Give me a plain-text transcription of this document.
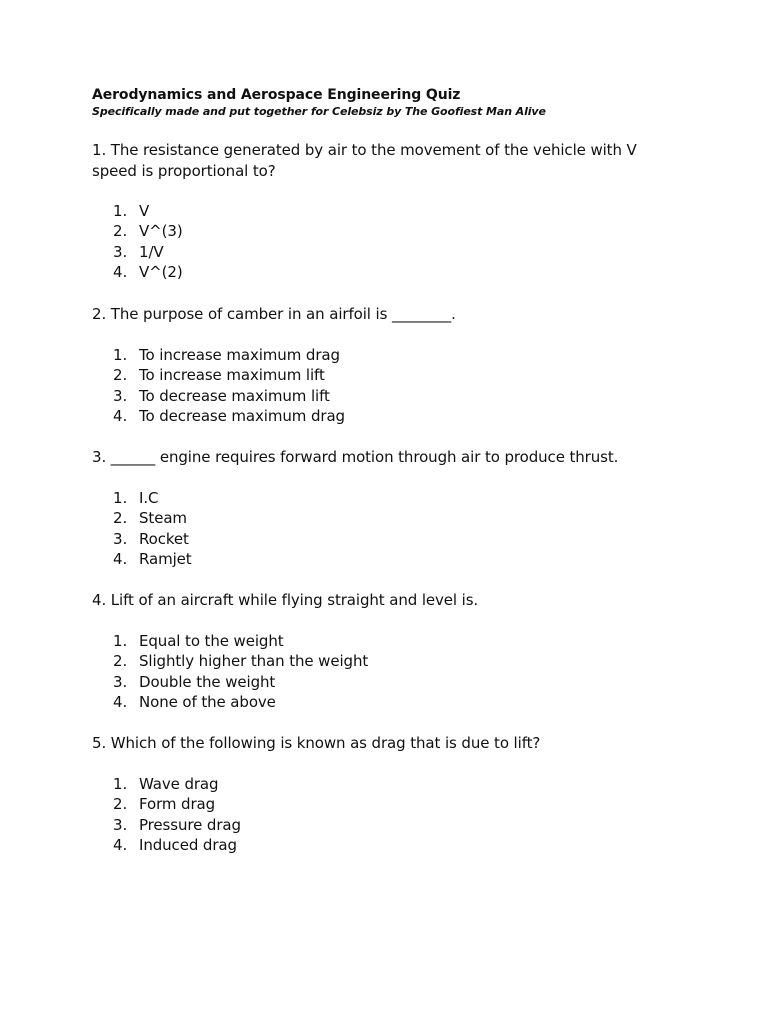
Aerodynamics and Aerospace Engineering Quiz
Specifically made and put together for Celebsiz by The Goofiest Man Alive
1. The resistance generated by air to the movement of the vehicle with V speed is proportional to?
1. V
2. V^(3)
3. 1/V
4. V^(2)
2. The purpose of camber in an airfoil is ________.
1. To increase maximum drag
2. To increase maximum lift
3. To decrease maximum lift
4. To decrease maximum drag
3. ______ engine requires forward motion through air to produce thrust.
1. I.C
2. Steam
3. Rocket
4. Ramjet
4. Lift of an aircraft while flying straight and level is.
1. Equal to the weight
2. Slightly higher than the weight
3. Double the weight
4. None of the above
5. Which of the following is known as drag that is due to lift?
1. Wave drag
2. Form drag
3. Pressure drag
4. Induced drag
